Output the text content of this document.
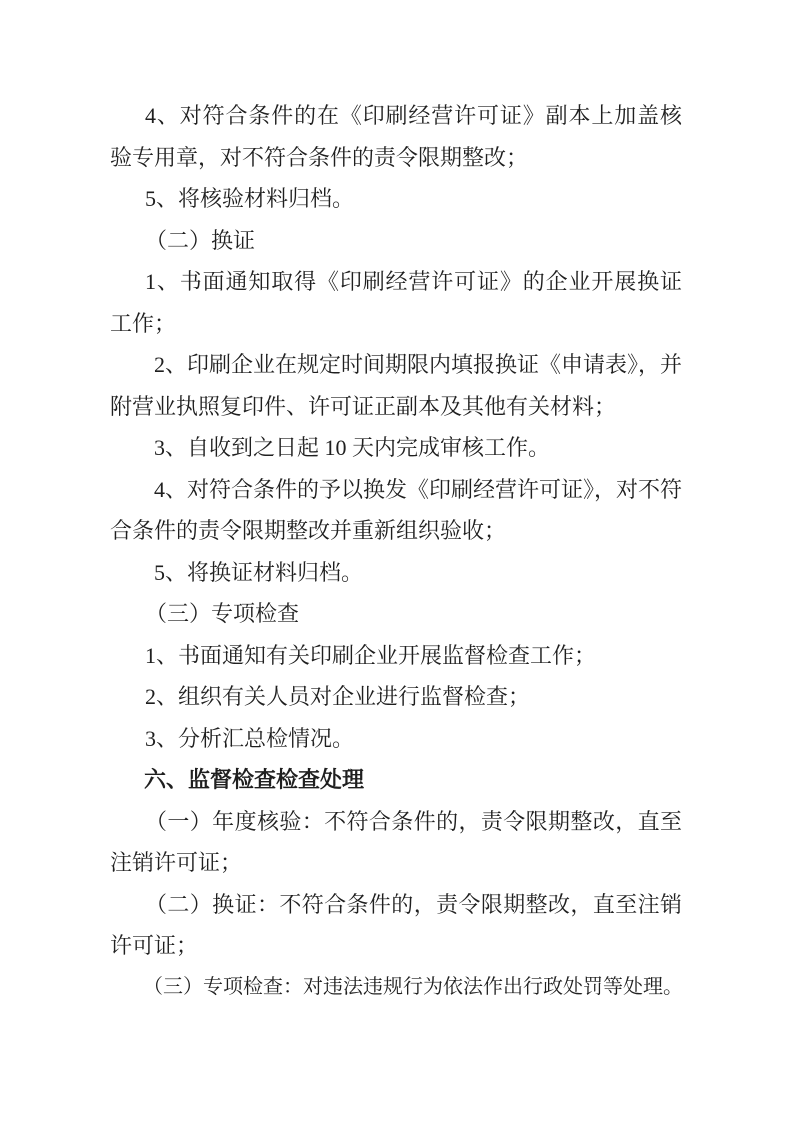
4、对符合条件的在《印刷经营许可证》副本上加盖核验专用章，对不符合条件的责令限期整改；

5、将核验材料归档。

（二）换证

1、书面通知取得《印刷经营许可证》的企业开展换证工作；

2、印刷企业在规定时间期限内填报换证《申请表》，并附营业执照复印件、许可证正副本及其他有关材料；

3、自收到之日起 10 天内完成审核工作。

4、对符合条件的予以换发《印刷经营许可证》，对不符合条件的责令限期整改并重新组织验收；

5、将换证材料归档。

（三）专项检查

1、书面通知有关印刷企业开展监督检查工作；

2、组织有关人员对企业进行监督检查；

3、分析汇总检情况。

六、监督检查检查处理

（一）年度核验：不符合条件的，责令限期整改，直至注销许可证；

（二）换证：不符合条件的，责令限期整改，直至注销许可证；

（三）专项检查：对违法违规行为依法作出行政处罚等处理。
